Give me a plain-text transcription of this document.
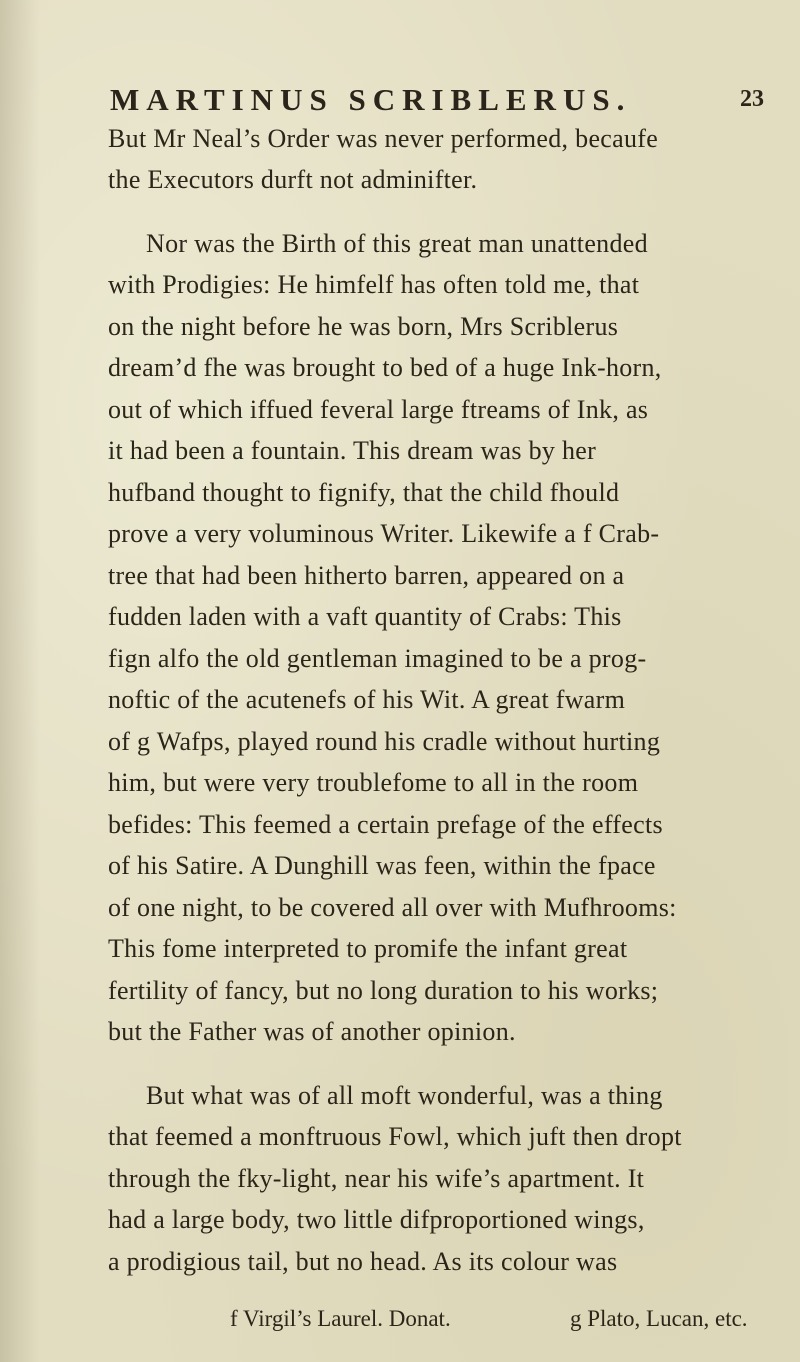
MARTINUS SCRIBLERUS.	23
But Mr Neal’s Order was never performed, becaufe
the Executors durft not adminifter.
Nor was the Birth of this great man unattended
with Prodigies: He himfelf has often told me, that
on the night before he was born, Mrs Scriblerus
dream’d fhe was brought to bed of a huge Ink-horn,
out of which iffued feveral large ftreams of Ink, as
it had been a fountain. This dream was by her
hufband thought to fignify, that the child fhould
prove a very voluminous Writer. Likewife a f Crab-
tree that had been hitherto barren, appeared on a
fudden laden with a vaft quantity of Crabs: This
fign alfo the old gentleman imagined to be a prog-
noftic of the acutenefs of his Wit. A great fwarm
of g Wafps, played round his cradle without hurting
him, but were very troublefome to all in the room
befides: This feemed a certain prefage of the effects
of his Satire. A Dunghill was feen, within the fpace
of one night, to be covered all over with Mufhrooms:
This fome interpreted to promife the infant great
fertility of fancy, but no long duration to his works;
but the Father was of another opinion.
But what was of all moft wonderful, was a thing
that feemed a monftruous Fowl, which juft then dropt
through the fky-light, near his wife’s apartment. It
had a large body, two little difproportioned wings,
a prodigious tail, but no head. As its colour was
f Virgil’s Laurel. Donat.	g Plato, Lucan, etc.
